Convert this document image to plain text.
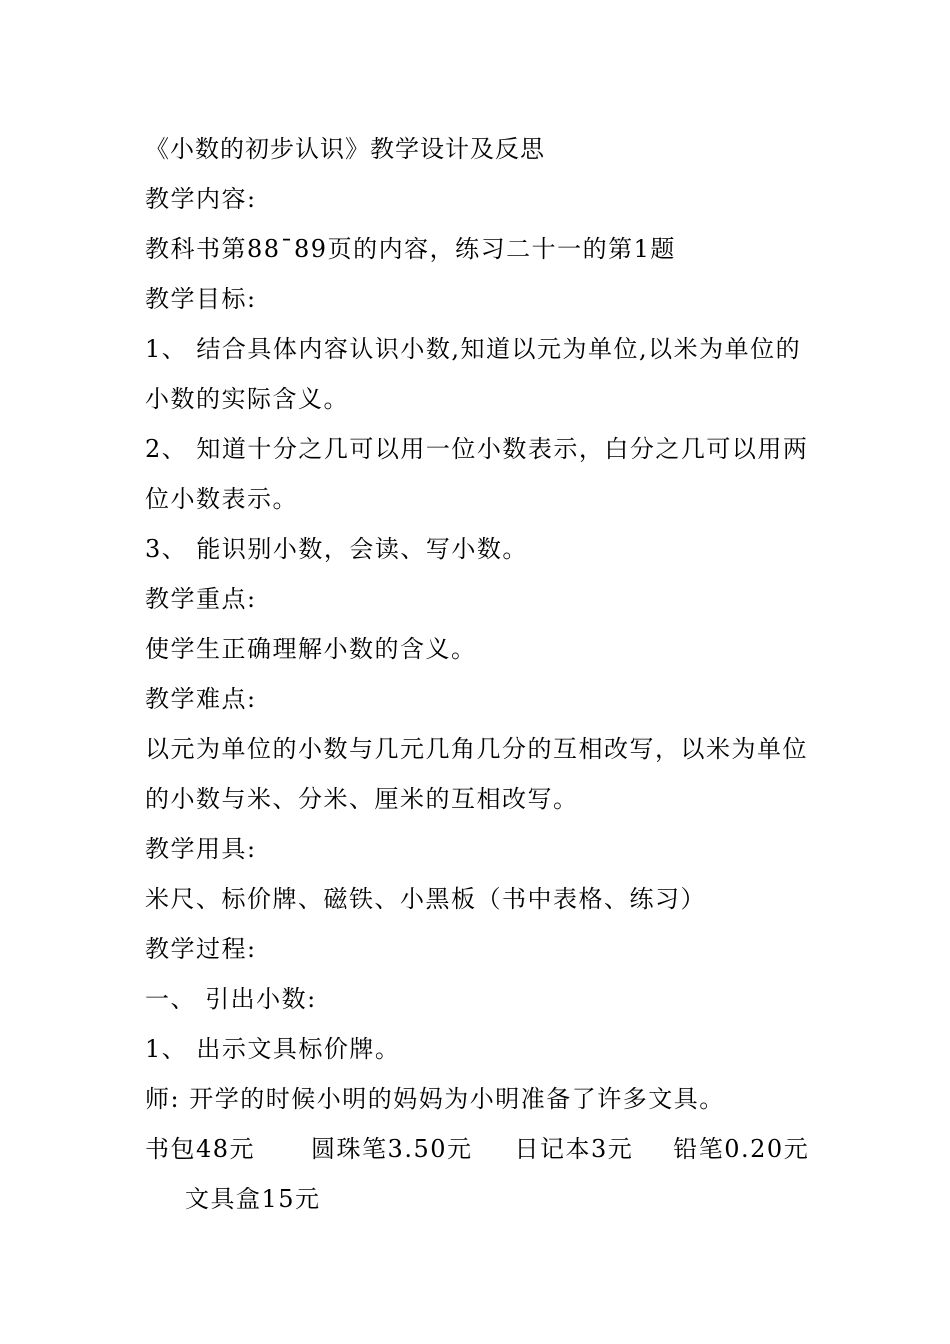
《小数的初步认识》教学设计及反思
教学内容:
教科书第88¯89页的内容，练习二十一的第1题
教学目标:
1、 结合具体内容认识小数,知道以元为单位,以米为单位的小数的实际含义。
2、 知道十分之几可以用一位小数表示，白分之几可以用两位小数表示。
3、 能识别小数，会读、写小数。
教学重点:
使学生正确理解小数的含义。
教学难点:
以元为单位的小数与几元几角几分的互相改写，以米为单位的小数与米、分米、厘米的互相改写。
教学用具:
米尺、标价牌、磁铁、小黑板（书中表格、练习）
教学过程:
一、 引出小数:
1、 出示文具标价牌。
师: 开学的时候小明的妈妈为小明准备了许多文具。
书包48元 圆珠笔3.50元 日记本3元 铅笔0.20元文具盒15元
